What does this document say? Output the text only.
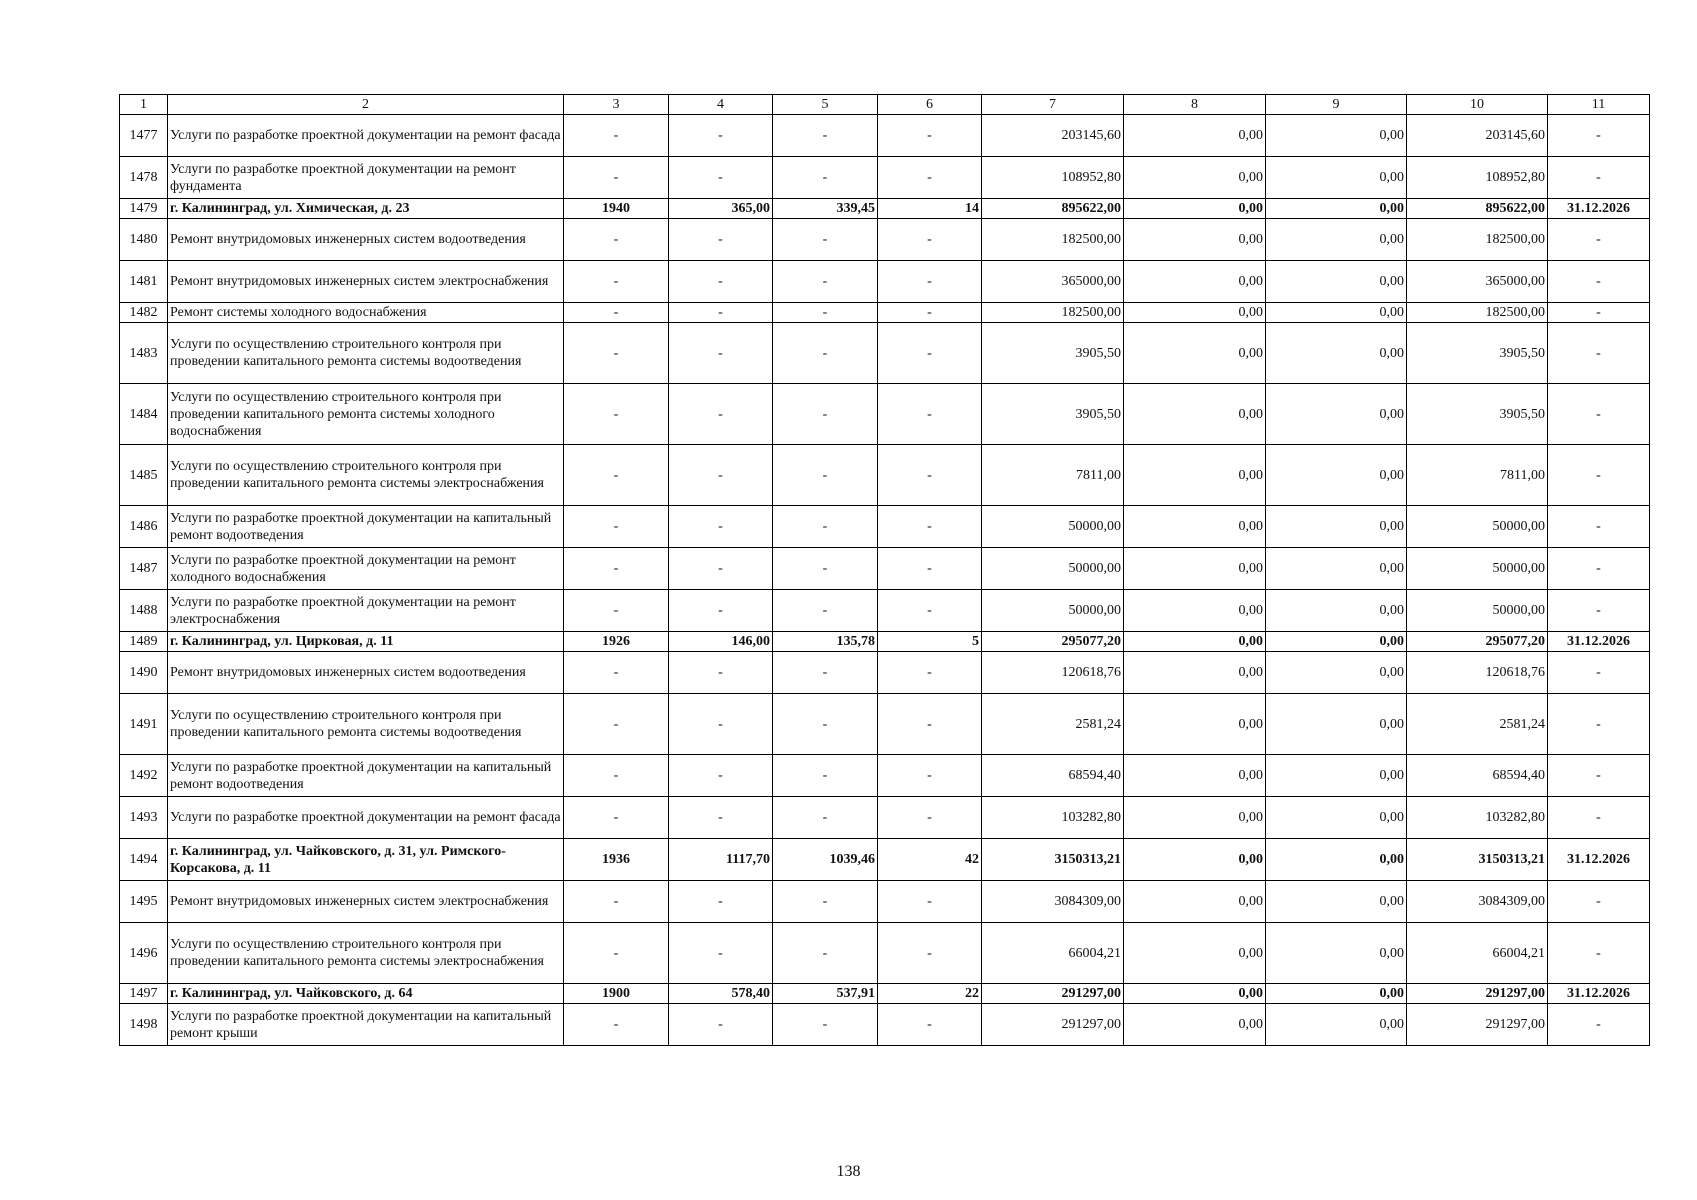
1	2	3	4	5	6	7	8	9	10	11
1477	Услуги по разработке проектной документации на ремонт фасада	-	-	-	-	203145,60	0,00	0,00	203145,60	-
1478	Услуги по разработке проектной документации на ремонт фундамента	-	-	-	-	108952,80	0,00	0,00	108952,80	-
1479	г. Калининград, ул. Химическая, д. 23	1940	365,00	339,45	14	895622,00	0,00	0,00	895622,00	31.12.2026
1480	Ремонт внутридомовых инженерных систем водоотведения	-	-	-	-	182500,00	0,00	0,00	182500,00	-
1481	Ремонт внутридомовых инженерных систем электроснабжения	-	-	-	-	365000,00	0,00	0,00	365000,00	-
1482	Ремонт системы холодного водоснабжения	-	-	-	-	182500,00	0,00	0,00	182500,00	-
1483	Услуги по осуществлению строительного контроля при проведении капитального ремонта системы водоотведения	-	-	-	-	3905,50	0,00	0,00	3905,50	-
1484	Услуги по осуществлению строительного контроля при проведении капитального ремонта системы холодного водоснабжения	-	-	-	-	3905,50	0,00	0,00	3905,50	-
1485	Услуги по осуществлению строительного контроля при проведении капитального ремонта системы электроснабжения	-	-	-	-	7811,00	0,00	0,00	7811,00	-
1486	Услуги по разработке проектной документации на капитальный ремонт водоотведения	-	-	-	-	50000,00	0,00	0,00	50000,00	-
1487	Услуги по разработке проектной документации на ремонт холодного водоснабжения	-	-	-	-	50000,00	0,00	0,00	50000,00	-
1488	Услуги по разработке проектной документации на ремонт электроснабжения	-	-	-	-	50000,00	0,00	0,00	50000,00	-
1489	г. Калининград, ул. Цирковая, д. 11	1926	146,00	135,78	5	295077,20	0,00	0,00	295077,20	31.12.2026
1490	Ремонт внутридомовых инженерных систем водоотведения	-	-	-	-	120618,76	0,00	0,00	120618,76	-
1491	Услуги по осуществлению строительного контроля при проведении капитального ремонта системы водоотведения	-	-	-	-	2581,24	0,00	0,00	2581,24	-
1492	Услуги по разработке проектной документации на капитальный ремонт водоотведения	-	-	-	-	68594,40	0,00	0,00	68594,40	-
1493	Услуги по разработке проектной документации на ремонт фасада	-	-	-	-	103282,80	0,00	0,00	103282,80	-
1494	г. Калининград, ул. Чайковского, д. 31, ул. Римского-Корсакова, д. 11	1936	1117,70	1039,46	42	3150313,21	0,00	0,00	3150313,21	31.12.2026
1495	Ремонт внутридомовых инженерных систем электроснабжения	-	-	-	-	3084309,00	0,00	0,00	3084309,00	-
1496	Услуги по осуществлению строительного контроля при проведении капитального ремонта системы электроснабжения	-	-	-	-	66004,21	0,00	0,00	66004,21	-
1497	г. Калининград, ул. Чайковского, д. 64	1900	578,40	537,91	22	291297,00	0,00	0,00	291297,00	31.12.2026
1498	Услуги по разработке проектной документации на капитальный ремонт крыши	-	-	-	-	291297,00	0,00	0,00	291297,00	-
138
